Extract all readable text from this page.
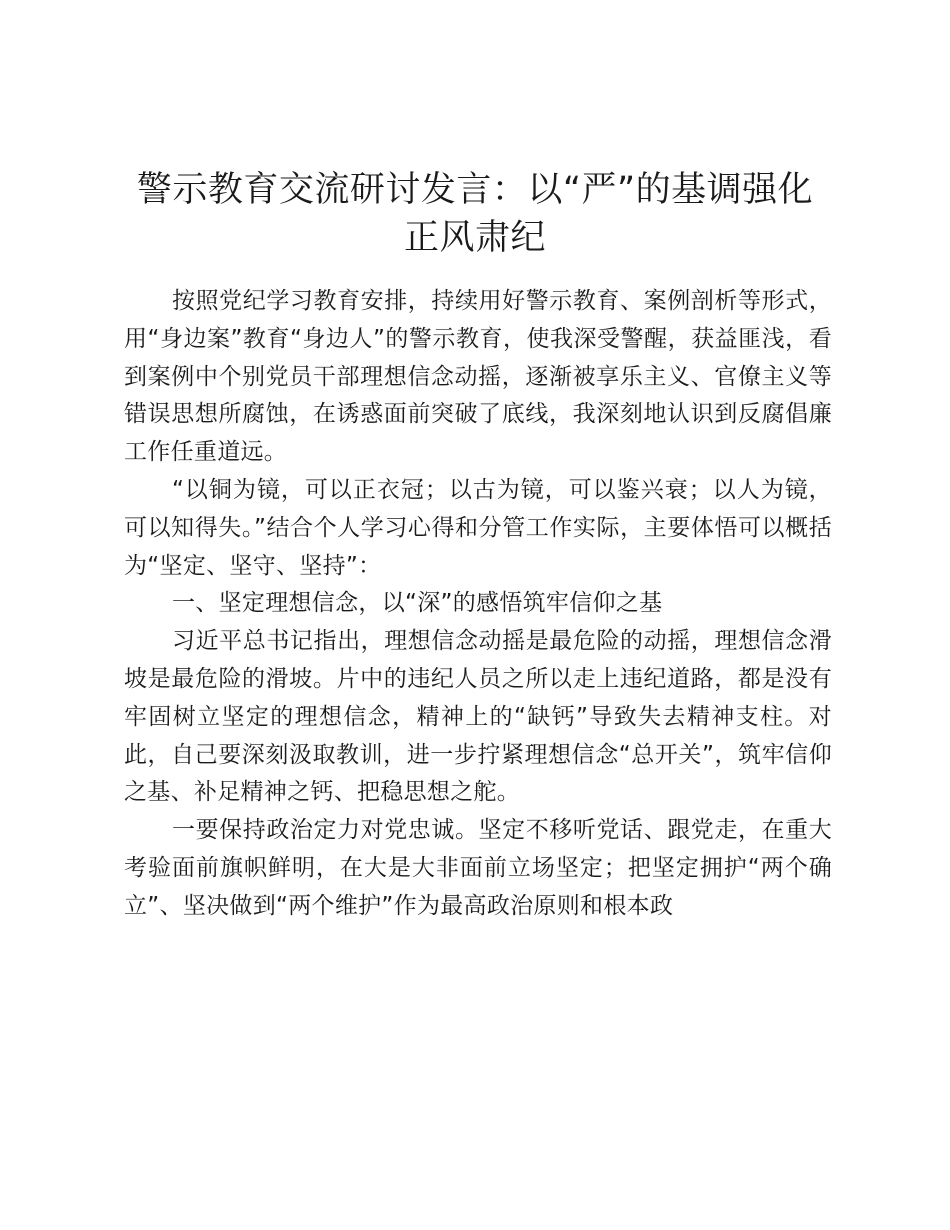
警示教育交流研讨发言：以“严”的基调强化正风肃纪

按照党纪学习教育安排，持续用好警示教育、案例剖析等形式，用“身边案”教育“身边人”的警示教育，使我深受警醒，获益匪浅，看到案例中个别党员干部理想信念动摇，逐渐被享乐主义、官僚主义等错误思想所腐蚀，在诱惑面前突破了底线，我深刻地认识到反腐倡廉工作任重道远。

“以铜为镜，可以正衣冠；以古为镜，可以鉴兴衰；以人为镜，可以知得失。”结合个人学习心得和分管工作实际，主要体悟可以概括为“坚定、坚守、坚持”：

一、坚定理想信念，以“深”的感悟筑牢信仰之基

习近平总书记指出，理想信念动摇是最危险的动摇，理想信念滑坡是最危险的滑坡。片中的违纪人员之所以走上违纪道路，都是没有牢固树立坚定的理想信念，精神上的“缺钙”导致失去精神支柱。对此，自己要深刻汲取教训，进一步拧紧理想信念“总开关”，筑牢信仰之基、补足精神之钙、把稳思想之舵。

一要保持政治定力对党忠诚。坚定不移听党话、跟党走，在重大考验面前旗帜鲜明，在大是大非面前立场坚定；把坚定拥护“两个确立”、坚决做到“两个维护”作为最高政治原则和根本政
